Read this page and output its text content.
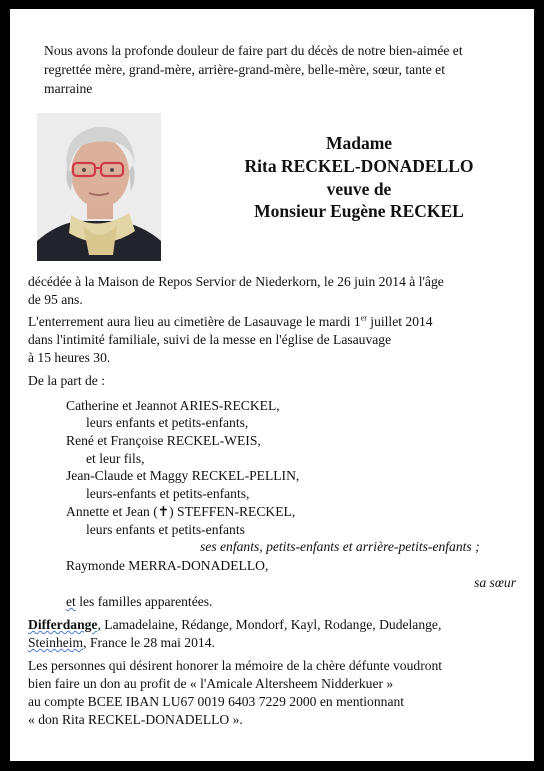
Nous avons la profonde douleur de faire part du décès de notre bien-aimée et
regrettée mère, grand-mère, arrière-grand-mère, belle-mère, sœur, tante et
marraine
Madame
Rita RECKEL-DONADELLO
veuve de
Monsieur Eugène RECKEL
décédée à la Maison de Repos Servior de Niederkorn, le 26 juin 2014 à l'âge
de 95 ans.
L'enterrement aura lieu au cimetière de Lasauvage le mardi 1er juillet 2014
dans l'intimité familiale, suivi de la messe en l'église de Lasauvage
à 15 heures 30.
De la part de :
Catherine et Jeannot ARIES-RECKEL,
leurs enfants et petits-enfants,
René et Françoise RECKEL-WEIS,
et leur fils,
Jean-Claude et Maggy RECKEL-PELLIN,
leurs-enfants et petits-enfants,
Annette et Jean (✝) STEFFEN-RECKEL,
leurs enfants et petits-enfants
ses enfants, petits-enfants et arrière-petits-enfants ;
Raymonde MERRA-DONADELLO,
sa sœur
et les familles apparentées.
Differdange, Lamadelaine, Rédange, Mondorf, Kayl, Rodange, Dudelange,
Steinheim, France le 28 mai 2014.
Les personnes qui désirent honorer la mémoire de la chère défunte voudront
bien faire un don au profit de « l'Amicale Altersheem Nidderkuer »
au compte BCEE IBAN LU67 0019 6403 7229 2000 en mentionnant
« don Rita RECKEL-DONADELLO ».
